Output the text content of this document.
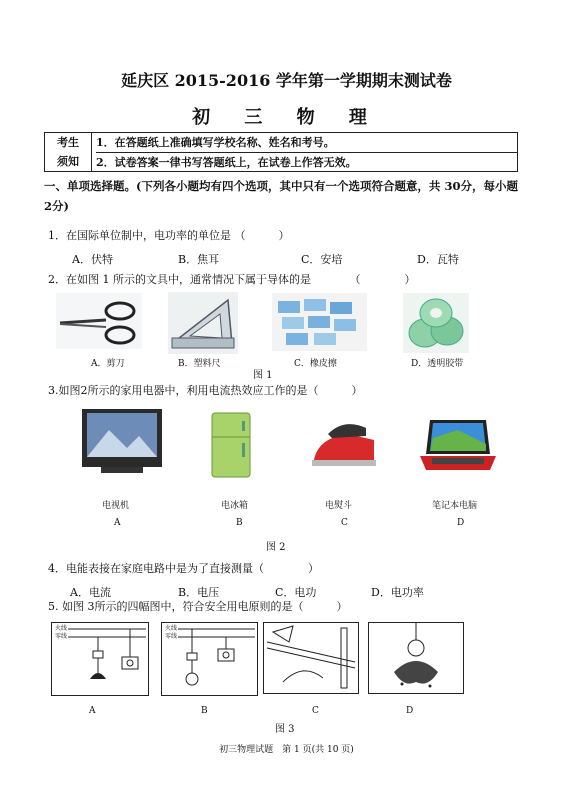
延庆区 2015-2016 学年第一学期期末测试卷
初 三 物 理
考生
须知
1．在答题纸上准确填写学校名称、姓名和考号。
2．试卷答案一律书写答题纸上，在试卷上作答无效。
一、单项选择题。(下列各小题均有四个选项，其中只有一个选项符合题意，共 30分，每小题 2分)
1．在国际单位制中，电功率的单位是 （　　　）
A．伏特	B．焦耳	C．安培	D．瓦特
2．在如图 1 所示的文具中，通常情况下属于导体的是　　　　（　　　　）
A．剪刀	B．塑料尺	C．橡皮擦	D．透明胶带
图 1
3.如图2所示的家用电器中，利用电流热效应工作的是（　　　）
电视机	电冰箱	电熨斗	笔记本电脑
A	B	C	D
图 2
4．电能表接在家庭电路中是为了直接测量（　　　　）
A．电流	B．电压	C．电功	D．电功率
5. 如图 3所示的四幅图中，符合安全用电原则的是（　　　）
火线
零线
火线
零线
A	B	C	D
图 3
初三物理试题　第 1 页(共 10 页)
